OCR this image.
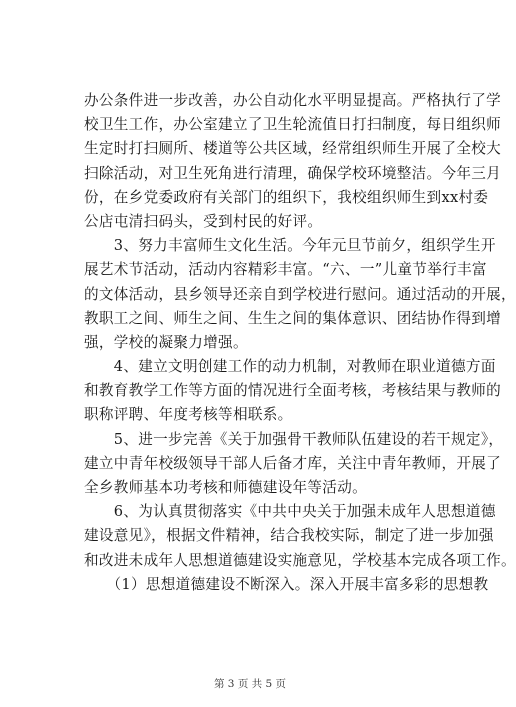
办公条件进一步改善，办公自动化水平明显提高。严格执行了学
校卫生工作，办公室建立了卫生轮流值日打扫制度，每日组织师
生定时打扫厕所、楼道等公共区域，经常组织师生开展了全校大
扫除活动，对卫生死角进行清理，确保学校环境整洁。今年三月
份，在乡党委政府有关部门的组织下，我校组织师生到xx村委
公店屯清扫码头，受到村民的好评。
　　3、努力丰富师生文化生活。今年元旦节前夕，组织学生开
展艺术节活动，活动内容精彩丰富。“六、一”儿童节举行丰富
的文体活动，县乡领导还亲自到学校进行慰问。通过活动的开展，
教职工之间、师生之间、生生之间的集体意识、团结协作得到增
强，学校的凝聚力增强。
　　4、建立文明创建工作的动力机制，对教师在职业道德方面
和教育教学工作等方面的情况进行全面考核，考核结果与教师的
职称评聘、年度考核等相联系。
　　5、进一步完善《关于加强骨干教师队伍建设的若干规定》，
建立中青年校级领导干部人后备才库，关注中青年教师，开展了
全乡教师基本功考核和师德建设年等活动。
　　6、为认真贯彻落实《中共中央关于加强未成年人思想道德
建设意见》，根据文件精神，结合我校实际，制定了进一步加强
和改进未成年人思想道德建设实施意见，学校基本完成各项工作。
　　（1）思想道德建设不断深入。深入开展丰富多彩的思想教
第 3 页 共 5 页
